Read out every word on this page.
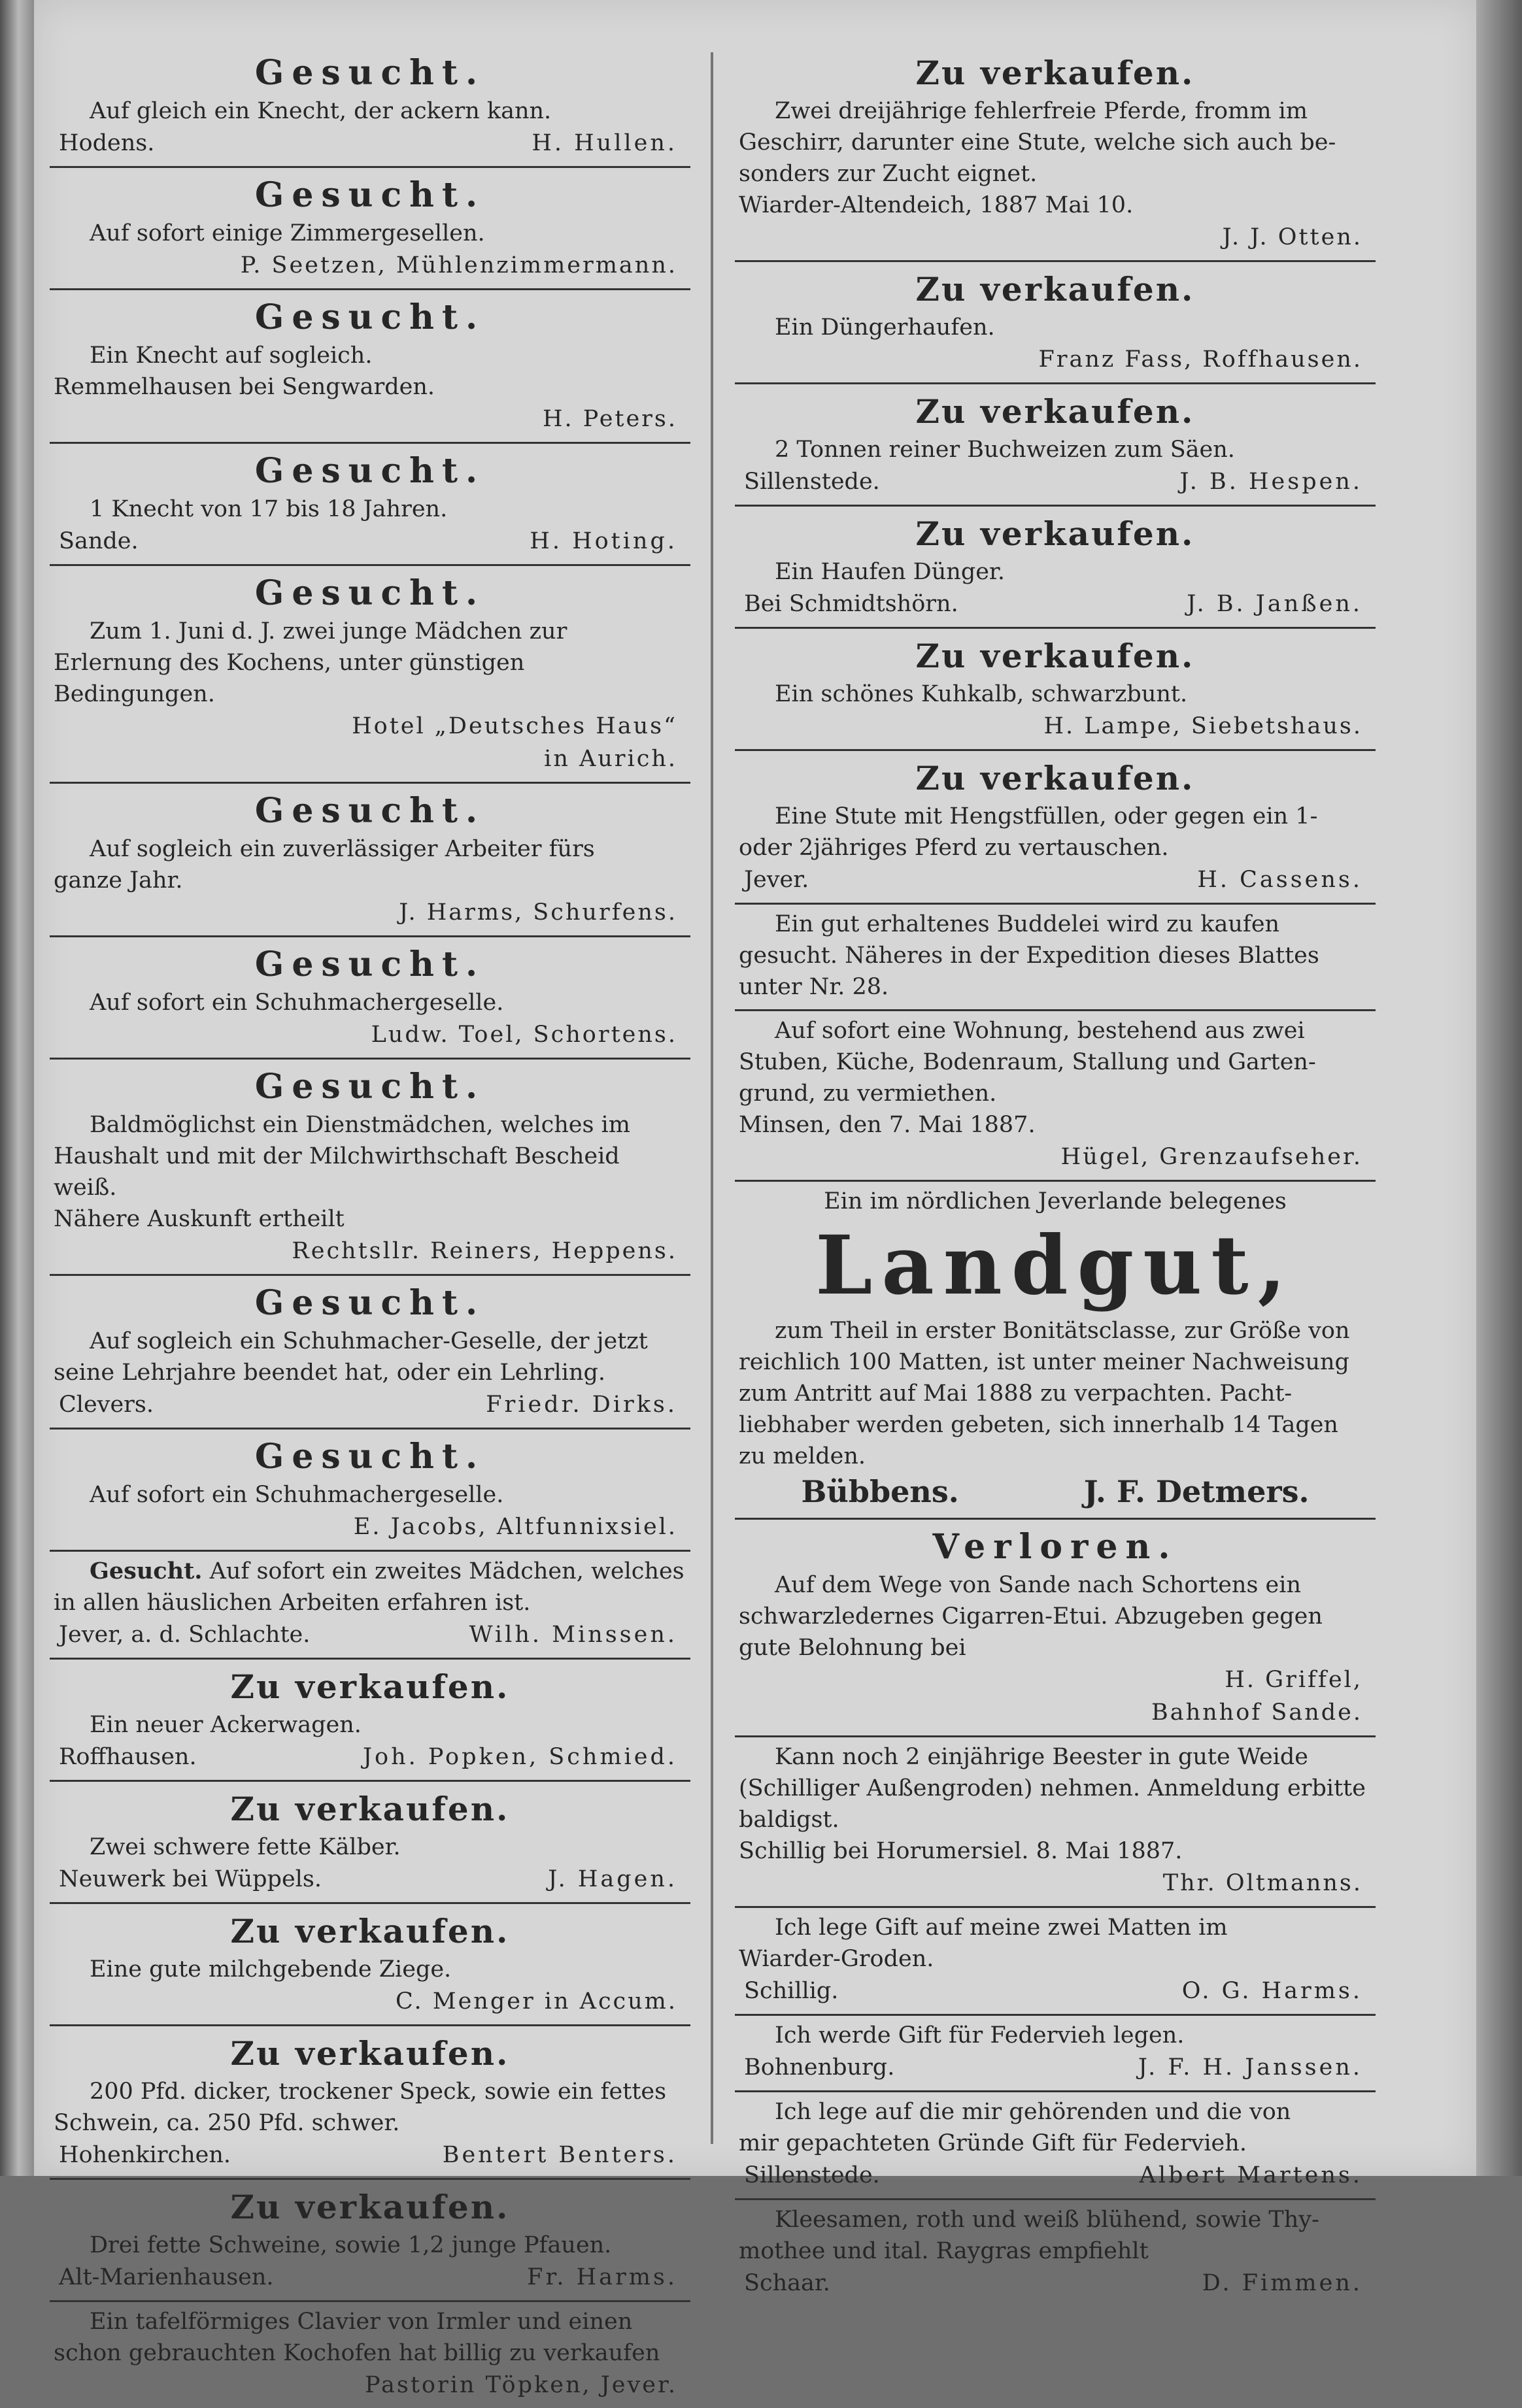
Gesucht.

Auf gleich ein Knecht, der ackern kann.

Hodens.	H. Hullen.
Gesucht.

Auf sofort einige Zimmergesellen.

P. Seetzen, Mühlenzimmermann.
Gesucht.

Ein Knecht auf sogleich.

Remmelhausen bei Sengwarden.

H. Peters.
Gesucht.

1 Knecht von 17 bis 18 Jahren.

Sande.	H. Hoting.
Gesucht.

Zum 1. Juni d. J. zwei junge Mädchen zur

Erlernung des Kochens, unter günstigen Bedingungen.

Hotel „Deutsches Haus“
in Aurich.
Gesucht.

Auf sogleich ein zuverlässiger Arbeiter fürs

ganze Jahr.

J. Harms, Schurfens.
Gesucht.

Auf sofort ein Schuhmachergeselle.

Ludw. Toel, Schortens.
Gesucht.

Baldmöglichst ein Dienstmädchen, welches im

Haushalt und mit der Milchwirthschaft Bescheid weiß.

Nähere Auskunft ertheilt

Rechtsllr. Reiners, Heppens.
Gesucht.

Auf sogleich ein Schuhmacher-Geselle, der jetzt

seine Lehrjahre beendet hat, oder ein Lehrling.

Clevers.	Friedr. Dirks.
Gesucht.

Auf sofort ein Schuhmachergeselle.

E. Jacobs, Altfunnixsiel.

Gesucht. Auf sofort ein zweites Mädchen, welches

in allen häuslichen Arbeiten erfahren ist.

Jever, a. d. Schlachte.	Wilh. Minssen.
Zu verkaufen.

Ein neuer Ackerwagen.

Roffhausen.	Joh. Popken, Schmied.
Zu verkaufen.

Zwei schwere fette Kälber.

Neuwerk bei Wüppels.	J. Hagen.
Zu verkaufen.

Eine gute milchgebende Ziege.

C. Menger in Accum.
Zu verkaufen.

200 Pfd. dicker, trockener Speck, sowie ein fettes

Schwein, ca. 250 Pfd. schwer.

Hohenkirchen.	Bentert Benters.
Zu verkaufen.

Drei fette Schweine, sowie 1,2 junge Pfauen.

Alt-Marienhausen.	Fr. Harms.

Ein tafelförmiges Clavier von Irmler und einen

schon gebrauchten Kochofen hat billig zu verkaufen

Pastorin Töpken, Jever.
Zu verkaufen.

Zwei dreijährige fehlerfreie Pferde, fromm im

Geschirr, darunter eine Stute, welche sich auch be-

sonders zur Zucht eignet.

Wiarder-Altendeich, 1887 Mai 10.

J. J. Otten.
Zu verkaufen.

Ein Düngerhaufen.

Franz Fass, Roffhausen.
Zu verkaufen.

2 Tonnen reiner Buchweizen zum Säen.

Sillenstede.	J. B. Hespen.
Zu verkaufen.

Ein Haufen Dünger.

Bei Schmidtshörn.	J. B. Janßen.
Zu verkaufen.

Ein schönes Kuhkalb, schwarzbunt.

H. Lampe, Siebetshaus.
Zu verkaufen.

Eine Stute mit Hengstfüllen, oder gegen ein 1-

oder 2jähriges Pferd zu vertauschen.

Jever.	H. Cassens.

Ein gut erhaltenes Buddelei wird zu kaufen

gesucht. Näheres in der Expedition dieses Blattes

unter Nr. 28.

Auf sofort eine Wohnung, bestehend aus zwei

Stuben, Küche, Bodenraum, Stallung und Garten-

grund, zu vermiethen.

Minsen, den 7. Mai 1887.

Hügel, Grenzaufseher.
Ein im nördlichen Jeverlande belegenes
Landgut,

zum Theil in erster Bonitätsclasse, zur Größe von

reichlich 100 Matten, ist unter meiner Nachweisung

zum Antritt auf Mai 1888 zu verpachten. Pacht-

liebhaber werden gebeten, sich innerhalb 14 Tagen

zu melden.

Bübbens.	J. F. Detmers.
Verloren.

Auf dem Wege von Sande nach Schortens ein

schwarzledernes Cigarren-Etui. Abzugeben gegen

gute Belohnung bei

H. Griffel,
Bahnhof Sande.

Kann noch 2 einjährige Beester in gute Weide

(Schilliger Außengroden) nehmen. Anmeldung erbitte

baldigst.

Schillig bei Horumersiel. 8. Mai 1887.

Thr. Oltmanns.

Ich lege Gift auf meine zwei Matten im

Wiarder-Groden.

Schillig.	O. G. Harms.

Ich werde Gift für Federvieh legen.

Bohnenburg.	J. F. H. Janssen.

Ich lege auf die mir gehörenden und die von

mir gepachteten Gründe Gift für Federvieh.

Sillenstede.	Albert Martens.

Kleesamen, roth und weiß blühend, sowie Thy-

mothee und ital. Raygras empfiehlt

Schaar.	D. Fimmen.
